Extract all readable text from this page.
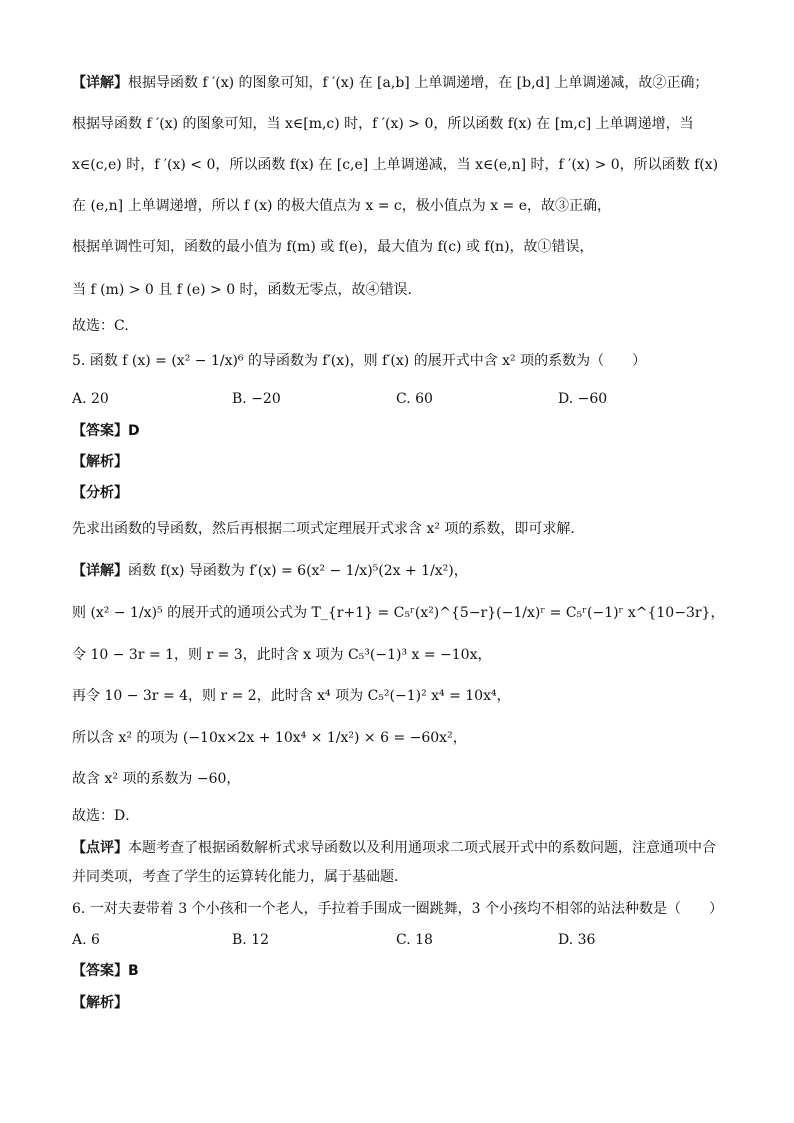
【详解】根据导函数 f ′(x) 的图象可知，f ′(x) 在 [a,b] 上单调递增，在 [b,d] 上单调递减，故②正确；
根据导函数 f ′(x) 的图象可知，当 x∈[m,c) 时，f ′(x) > 0，所以函数 f(x) 在 [m,c] 上单调递增，当
x∈(c,e) 时，f ′(x) < 0，所以函数 f(x) 在 [c,e] 上单调递减，当 x∈(e,n] 时，f ′(x) > 0，所以函数 f(x)
在 (e,n] 上单调递增，所以 f (x) 的极大值点为 x = c，极小值点为 x = e，故③正确，
根据单调性可知，函数的最小值为 f(m) 或 f(e)，最大值为 f(c) 或 f(n)，故①错误，
当 f (m) > 0 且 f (e) > 0 时，函数无零点，故④错误.
故选：C.
5. 函数 f (x) = (x² − 1/x)⁶ 的导函数为 f′(x)，则 f′(x) 的展开式中含 x² 项的系数为（　　）
A. 20	B. −20	C. 60	D. −60
【答案】D
【解析】
【分析】
先求出函数的导函数，然后再根据二项式定理展开式求含 x² 项的系数，即可求解．
【详解】函数 f(x) 导函数为 f′(x) = 6(x² − 1/x)⁵(2x + 1/x²)，
则 (x² − 1/x)⁵ 的展开式的通项公式为 T_{r+1} = C₅ʳ(x²)^{5−r}(−1/x)ʳ = C₅ʳ(−1)ʳ x^{10−3r}，
令 10 − 3r = 1，则 r = 3，此时含 x 项为 C₅³(−1)³ x = −10x，
再令 10 − 3r = 4，则 r = 2，此时含 x⁴ 项为 C₅²(−1)² x⁴ = 10x⁴，
所以含 x² 的项为 (−10x×2x + 10x⁴ × 1/x²) × 6 = −60x²，
故含 x² 项的系数为 −60，
故选：D．
【点评】本题考查了根据函数解析式求导函数以及利用通项求二项式展开式中的系数问题，注意通项中合
并同类项，考查了学生的运算转化能力，属于基础题．
6. 一对夫妻带着 3 个小孩和一个老人，手拉着手围成一圈跳舞，3 个小孩均不相邻的站法种数是（　　）
A. 6	B. 12	C. 18	D. 36
【答案】B
【解析】
